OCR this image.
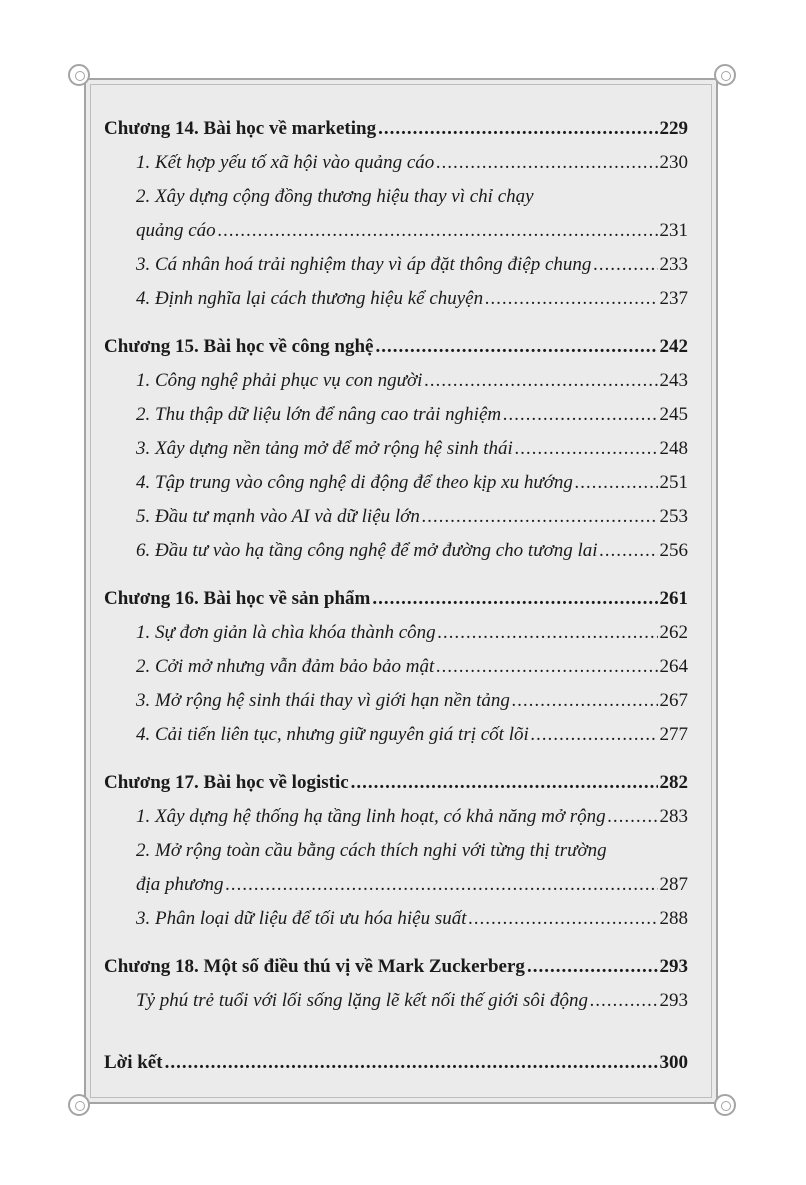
Chương 14. Bài học về marketing .....	229
1. Kết hợp yếu tố xã hội vào quảng cáo .....	230
2. Xây dựng cộng đồng thương hiệu thay vì chỉ chạy
quảng cáo .....	231
3. Cá nhân hoá trải nghiệm thay vì áp đặt thông điệp chung .....	233
4. Định nghĩa lại cách thương hiệu kể chuyện .....	237
Chương 15. Bài học về công nghệ .....	242
1. Công nghệ phải phục vụ con người .....	243
2. Thu thập dữ liệu lớn để nâng cao trải nghiệm .....	245
3. Xây dựng nền tảng mở để mở rộng hệ sinh thái .....	248
4. Tập trung vào công nghệ di động để theo kịp xu hướng .....	251
5. Đầu tư mạnh vào AI và dữ liệu lớn .....	253
6. Đầu tư vào hạ tầng công nghệ để mở đường cho tương lai .....	256
Chương 16. Bài học về sản phẩm .....	261
1. Sự đơn giản là chìa khóa thành công .....	262
2. Cởi mở nhưng vẫn đảm bảo bảo mật .....	264
3. Mở rộng hệ sinh thái thay vì giới hạn nền tảng .....	267
4. Cải tiến liên tục, nhưng giữ nguyên giá trị cốt lõi .....	277
Chương 17. Bài học về logistic .....	282
1. Xây dựng hệ thống hạ tầng linh hoạt, có khả năng mở rộng .....	283
2. Mở rộng toàn cầu bằng cách thích nghi với từng thị trường
địa phương .....	287
3. Phân loại dữ liệu để tối ưu hóa hiệu suất .....	288
Chương 18. Một số điều thú vị về Mark Zuckerberg .....	293
Tỷ phú trẻ tuổi với lối sống lặng lẽ kết nối thế giới sôi động .....	293
Lời kết .....	300
